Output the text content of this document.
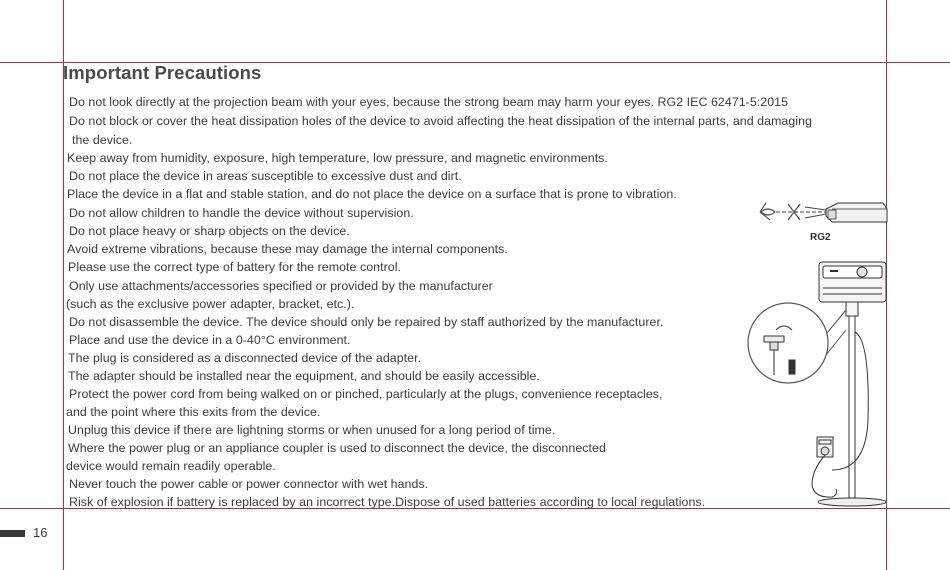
Important Precautions
Do not look directly at the projection beam with your eyes, because the strong beam may harm your eyes. RG2 IEC 62471-5:2015
Do not block or cover the heat dissipation holes of the device to avoid affecting the heat dissipation of the internal parts, and damaging
the device.
Keep away from humidity, exposure, high temperature, low pressure, and magnetic environments.
Do not place the device in areas susceptible to excessive dust and dirt.
Place the device in a flat and stable station, and do not place the device on a surface that is prone to vibration.
Do not allow children to handle the device without supervision.
Do not place heavy or sharp objects on the device.
Avoid extreme vibrations, because these may damage the internal components.
Please use the correct type of battery for the remote control.
Only use attachments/accessories specified or provided by the manufacturer
(such as the exclusive power adapter, bracket, etc.).
Do not disassemble the device. The device should only be repaired by staff authorized by the manufacturer.
Place and use the device in a 0-40°C environment.
The plug is considered as a disconnected device of the adapter.
The adapter should be installed near the equipment, and should be easily accessible.
Protect the power cord from being walked on or pinched, particularly at the plugs, convenience receptacles,
and the point where this exits from the device.
Unplug this device if there are lightning storms or when unused for a long period of time.
Where the power plug or an appliance coupler is used to disconnect the device, the disconnected
device would remain readily operable.
Never touch the power cable or power connector with wet hands.
Risk of explosion if battery is replaced by an incorrect type.Dispose of used batteries according to local regulations.
RG2
16
